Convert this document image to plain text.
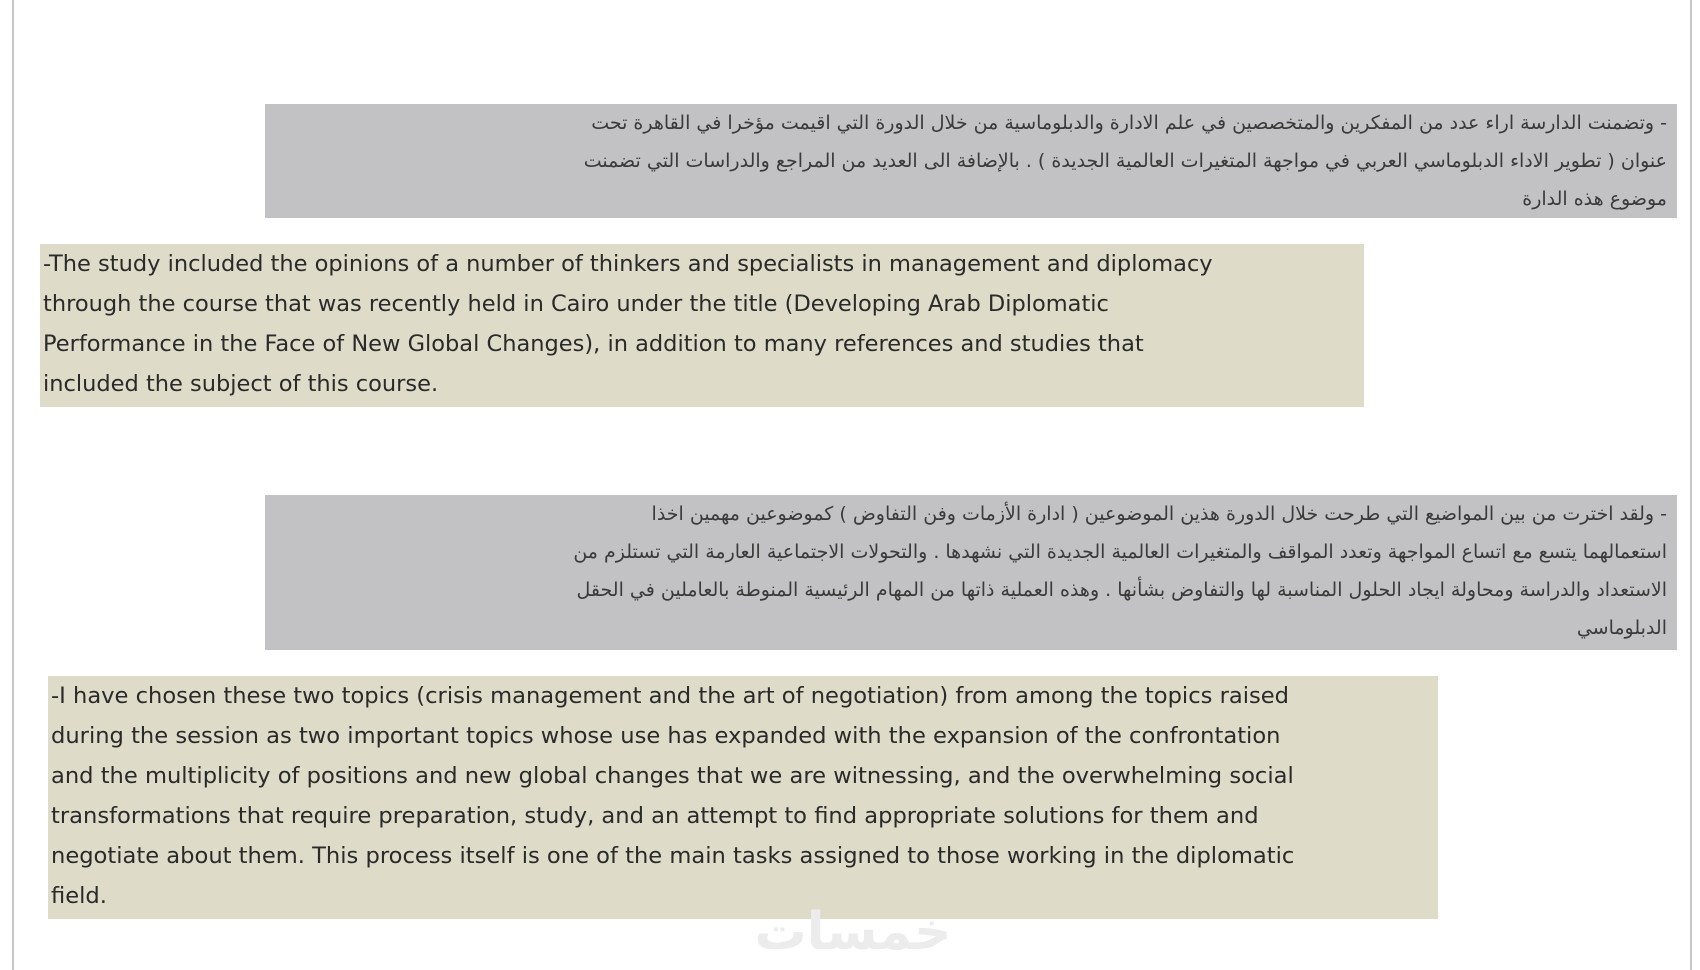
- وتضمنت الدارسة اراء عدد من المفكرين والمتخصصين في علم الادارة والدبلوماسية من خلال الدورة التي اقيمت مؤخرا في القاهرة تحت
عنوان ( تطوير الاداء الدبلوماسي العربي في مواجهة المتغيرات العالمية الجديدة ) . بالإضافة الى العديد من المراجع والدراسات التي تضمنت
موضوع هذه الدارة
-The study included the opinions of a number of thinkers and specialists in management and diplomacy
through the course that was recently held in Cairo under the title (Developing Arab Diplomatic
Performance in the Face of New Global Changes), in addition to many references and studies that
included the subject of this course.
- ولقد اخترت من بين المواضيع التي طرحت خلال الدورة هذين الموضوعين ( ادارة الأزمات وفن التفاوض ) كموضوعين مهمين اخذا
استعمالهما يتسع مع اتساع المواجهة وتعدد المواقف والمتغيرات العالمية الجديدة التي نشهدها . والتحولات الاجتماعية العارمة التي تستلزم من
الاستعداد والدراسة ومحاولة ايجاد الحلول المناسبة لها والتفاوض بشأنها . وهذه العملية ذاتها من المهام الرئيسية المنوطة بالعاملين في الحقل
الدبلوماسي
-I have chosen these two topics (crisis management and the art of negotiation) from among the topics raised
during the session as two important topics whose use has expanded with the expansion of the confrontation
and the multiplicity of positions and new global changes that we are witnessing, and the overwhelming social
transformations that require preparation, study, and an attempt to find appropriate solutions for them and
negotiate about them. This process itself is one of the main tasks assigned to those working in the diplomatic
field.
خمسات
